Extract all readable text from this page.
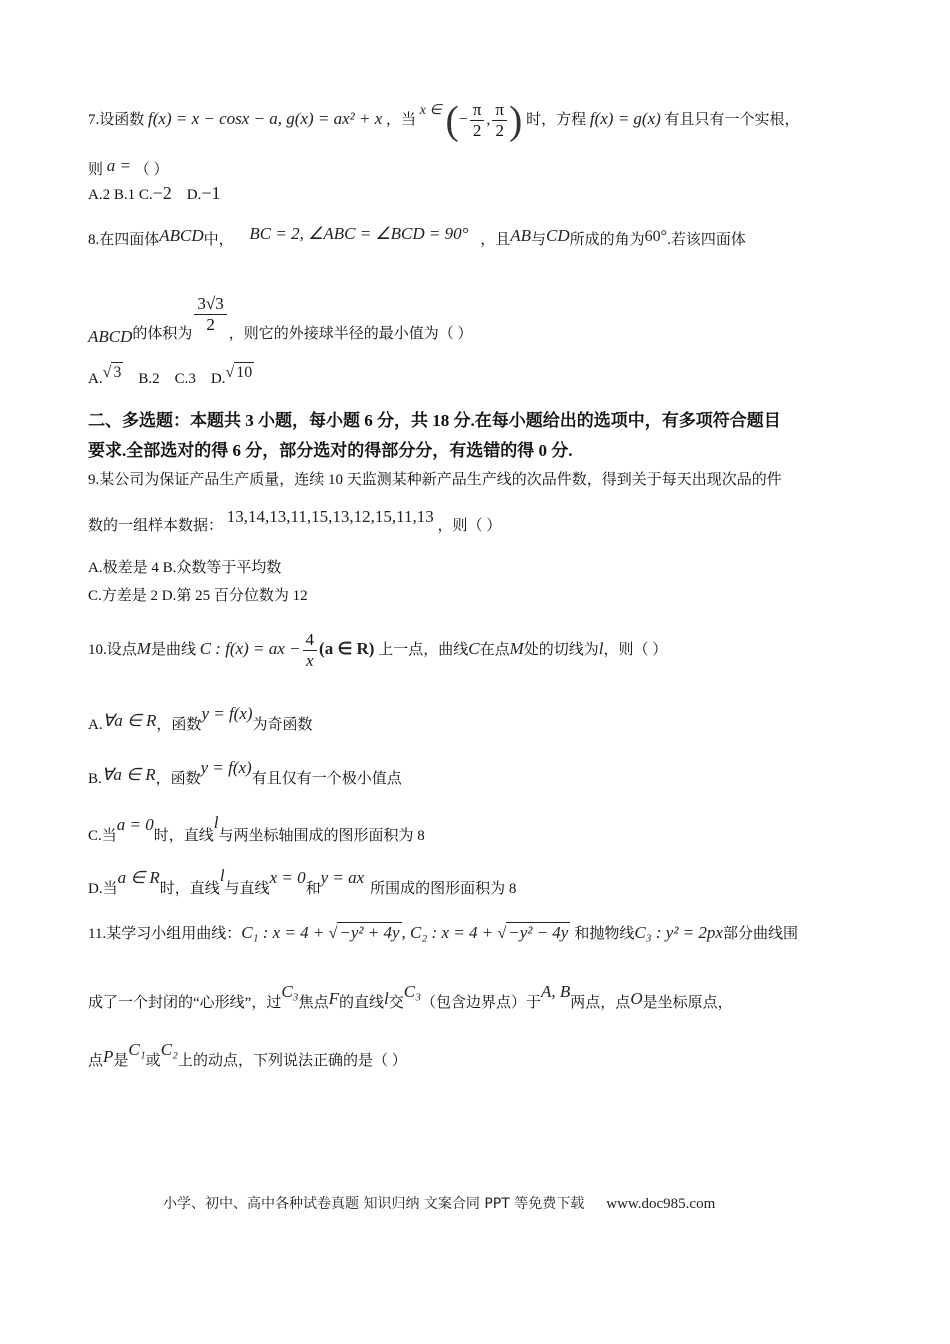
7.设函数 f(x) = x − cosx − a, g(x) = ax² + x ，当 x ∈ (− $\frac{\pi}{2}$ , $\frac{\pi}{2}$ ) 时，方程 f(x) = g(x) 有且只有一个实根，
则 a = （ ）
A.2 B.1 C.−2    D.−1
8.在四面体ABCD中， BC = 2, ∠ABC = ∠BCD = 90° ，且AB与CD所成的角为60°.若该四面体
ABCD的体积为 $\frac{3√3}{2}$ ，则它的外接球半径的最小值为（ ）
A.√ 3    B.2    C.3    D.√ 10
二、多选题：本题共 3 小题，每小题 6 分，共 18 分.在每小题给出的选项中，有多项符合题目
要求.全部选对的得 6 分，部分选对的得部分分，有选错的得 0 分.
9.某公司为保证产品生产质量，连续 10 天监测某种新产品生产线的次品件数，得到关于每天出现次品的件
数的一组样本数据： 13,14,13,11,15,13,12,15,11,13 ，则（ ）
A.极差是 4 B.众数等于平均数
C.方差是 2 D.第 25 百分位数为 12
10.设点M是曲线 C : f(x) = ax − $\frac{4}{x} (a$ ∈ R) 上一点，曲线C在点M处的切线为l，则（ ）
A.∀a ∈ R，函数y = f(x)为奇函数
B.∀a ∈ R，函数y = f(x)有且仅有一个极小值点
C.当a = 0时，直线l与两坐标轴围成的图形面积为 8
D.当a ∈ R时，直线l与直线x = 0和y = ax所围成的图形面积为 8
11.某学习小组用曲线：C₁ : x = 4 + √ −y² + 4y , C₂ : x = 4 + √ −y² − 4y 和抛物线C₃ : y² = 2px部分曲线围
成了一个封闭的“心形线”，过C₃焦点F的直线l交C₃（包含边界点）于A, B两点，点O是坐标原点，
点P是C₁或C₂上的动点，下列说法正确的是（ ）
小学、初中、高中各种试卷真题 知识归纳 文案合同 PPT 等免费下载 www.doc985.com
